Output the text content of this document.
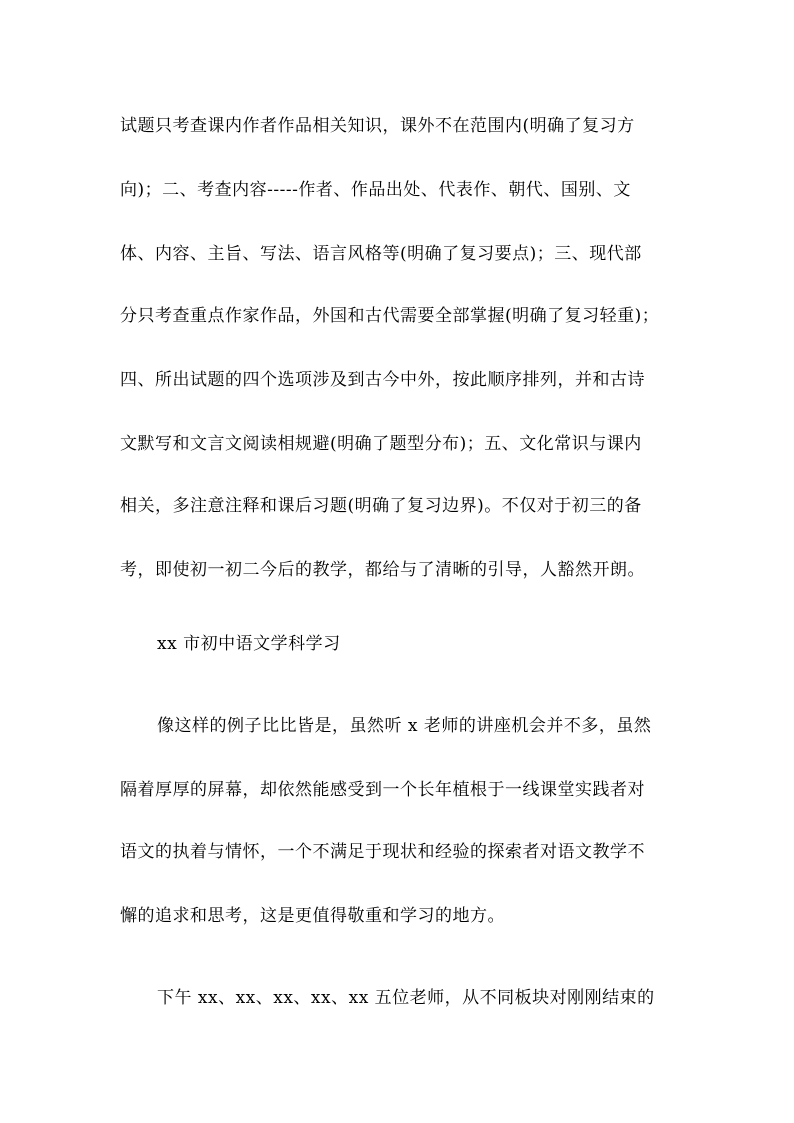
试题只考查课内作者作品相关知识，课外不在范围内(明确了复习方
向)；二、考查内容-----作者、作品出处、代表作、朝代、国别、文
体、内容、主旨、写法、语言风格等(明确了复习要点)；三、现代部
分只考查重点作家作品，外国和古代需要全部掌握(明确了复习轻重)；
四、所出试题的四个选项涉及到古今中外，按此顺序排列，并和古诗
文默写和文言文阅读相规避(明确了题型分布)；五、文化常识与课内
相关，多注意注释和课后习题(明确了复习边界)。不仅对于初三的备
考，即使初一初二今后的教学，都给与了清晰的引导，人豁然开朗。
xx 市初中语文学科学习
像这样的例子比比皆是，虽然听 x 老师的讲座机会并不多，虽然
隔着厚厚的屏幕，却依然能感受到一个长年植根于一线课堂实践者对
语文的执着与情怀，一个不满足于现状和经验的探索者对语文教学不
懈的追求和思考，这是更值得敬重和学习的地方。
下午 xx、xx、xx、xx、xx 五位老师，从不同板块对刚刚结束的
